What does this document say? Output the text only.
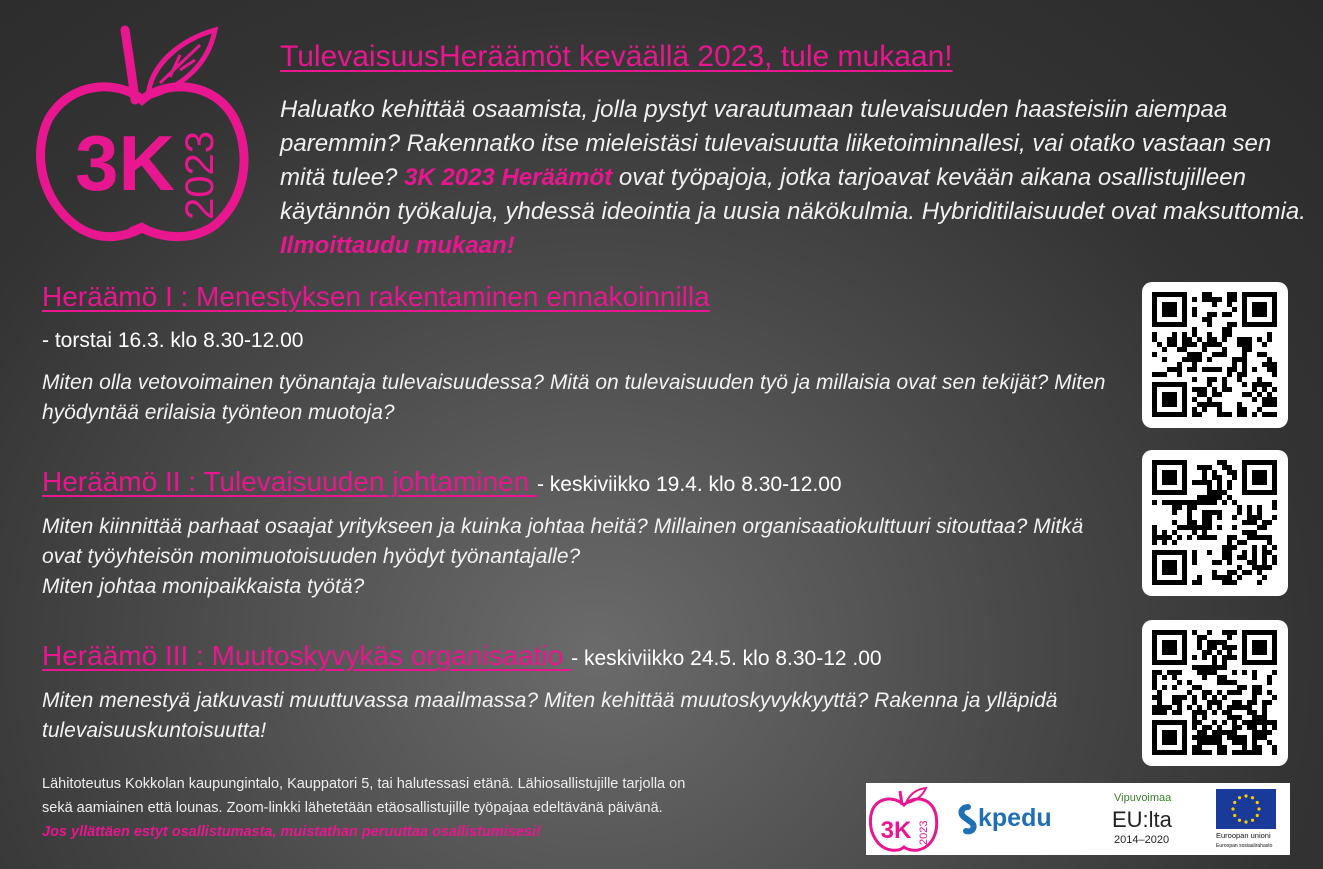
3K 2023
TulevaisuusHeräämöt keväällä 2023, tule mukaan!
Haluatko kehittää osaamista, jolla pystyt varautumaan tulevaisuuden haasteisiin aiempaa paremmin? Rakennatko itse mieleistäsi tulevaisuutta liiketoiminnallesi, vai otatko vastaan sen mitä tulee? 3K 2023 Heräämöt ovat työpajoja, jotka tarjoavat kevään aikana osallistujilleen käytännön työkaluja, yhdessä ideointia ja uusia näkökulmia. Hybriditilaisuudet ovat maksuttomia. Ilmoittaudu mukaan!
Heräämö I : Menestyksen rakentaminen ennakoinnilla
- torstai 16.3. klo 8.30-12.00
Miten olla vetovoimainen työnantaja tulevaisuudessa? Mitä on tulevaisuuden työ ja millaisia ovat sen tekijät? Miten hyödyntää erilaisia työnteon muotoja?
Heräämö II : Tulevaisuuden johtaminen - keskiviikko 19.4. klo 8.30-12.00
Miten kiinnittää parhaat osaajat yritykseen ja kuinka johtaa heitä? Millainen organisaatiokulttuuri sitouttaa? Mitkä ovat työyhteisön monimuotoisuuden hyödyt työnantajalle?
Miten johtaa monipaikkaista työtä?
Heräämö III : Muutoskyvykäs organisaatio - keskiviikko 24.5. klo 8.30-12 .00
Miten menestyä jatkuvasti muuttuvassa maailmassa? Miten kehittää muutoskyvykkyyttä? Rakenna ja ylläpidä tulevaisuuskuntoisuutta!
Lähitoteutus Kokkolan kaupungintalo, Kauppatori 5, tai halutessasi etänä. Lähiosallistujille tarjolla on
sekä aamiainen että lounas. Zoom-linkki lähetetään etäosallistujille työpajaa edeltävänä päivänä.
Jos yllättäen estyt osallistumasta, muistathan peruuttaa osallistumisesi!	3K 2023
kpedu
Vipuvoimaa
EU:lta
2014–2020	Euroopan unioni
Euroopan sosiaalirahasto
